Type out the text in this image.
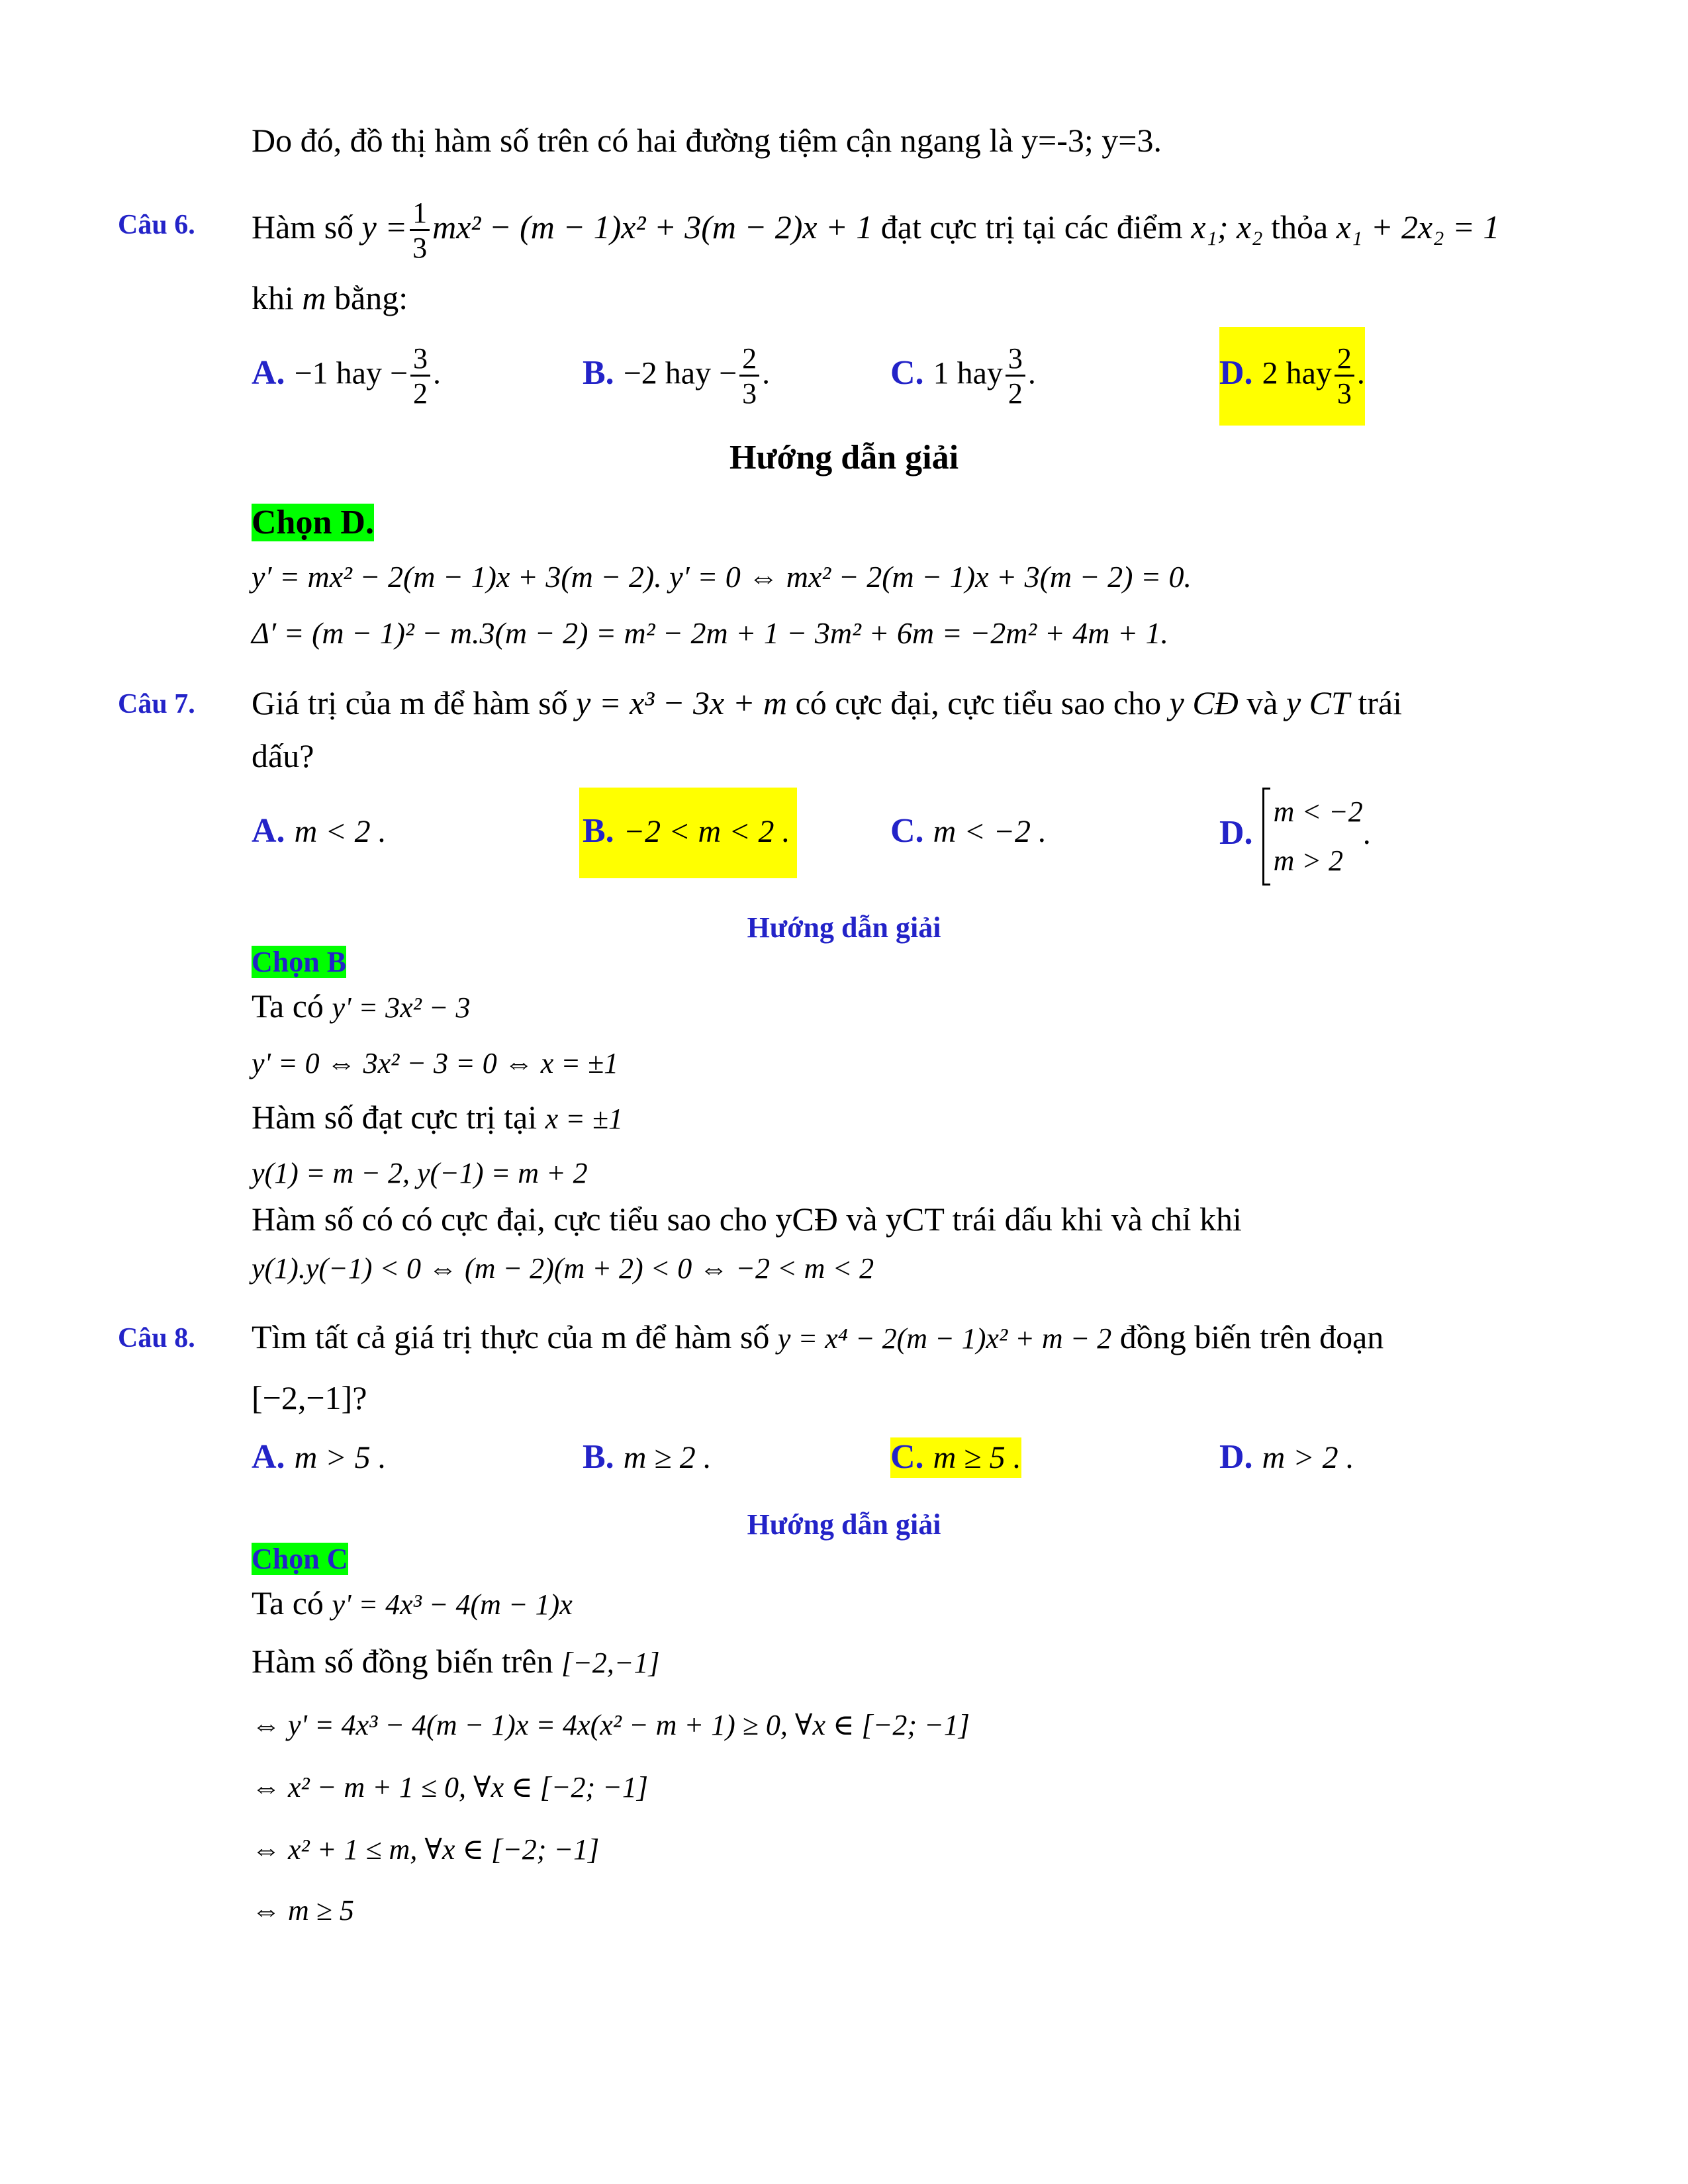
Do đó, đồ thị hàm số trên có hai đường tiệm cận ngang là y=-3; y=3.
Câu 6. Hàm số $y = \frac{1}{3} mx^2 - (m - 1)x^2 + 3(m - 2)x + 1$ đạt cực trị tại các điểm x₁; x₂ thỏa x₁ + 2x₂ = 1
khi m bằng:
A. −1 hay − $\frac{3}{2}$ .	B. −2 hay − $\frac{2}{3}$ .	C. 1 hay $\frac{3}{2}$ .	D. 2 hay $\frac{2}{3}$ .
Hướng dẫn giải
Chọn D.
y′ = mx² − 2(m − 1)x + 3(m − 2). y′ = 0 ⇔ mx² − 2(m − 1)x + 3(m − 2) = 0.
Δ′ = (m − 1)² − m.3(m − 2) = m² − 2m + 1 − 3m² + 6m = −2m² + 4m + 1.
Câu 7. Giá trị của m để hàm số y = x³ − 3x + m có cực đại, cực tiểu sao cho y CĐ và y CT trái
dấu?
A. m < 2 .	B. −2 < m < 2 .	C. m < −2 .	D.
m < −2
m > 2
.
Hướng dẫn giải
Chọn B
Ta có y' = 3x² − 3
y' = 0 ⇔ 3x² − 3 = 0 ⇔ x = ±1
Hàm số đạt cực trị tại x = ±1
y(1) = m − 2, y(−1) = m + 2
Hàm số có có cực đại, cực tiểu sao cho yCĐ và yCT trái dấu khi và chỉ khi
y(1).y(−1) < 0 ⇔ (m − 2)(m + 2) < 0 ⇔ −2 < m < 2
Câu 8. Tìm tất cả giá trị thực của m để hàm số y = x⁴ − 2(m − 1)x² + m − 2 đồng biến trên đoạn
[−2,−1]?
A. m > 5 .	B. m ≥ 2 .	C. m ≥ 5 .	D. m > 2 .
Hướng dẫn giải
Chọn C
Ta có y' = 4x³ − 4(m − 1)x
Hàm số đồng biến trên [−2,−1]
⇔ y' = 4x³ − 4(m − 1)x = 4x(x² − m + 1) ≥ 0, ∀x ∈ [−2; −1]
⇔ x² − m + 1 ≤ 0, ∀x ∈ [−2; −1]
⇔ x² + 1 ≤ m, ∀x ∈ [−2; −1]
⇔ m ≥ 5
